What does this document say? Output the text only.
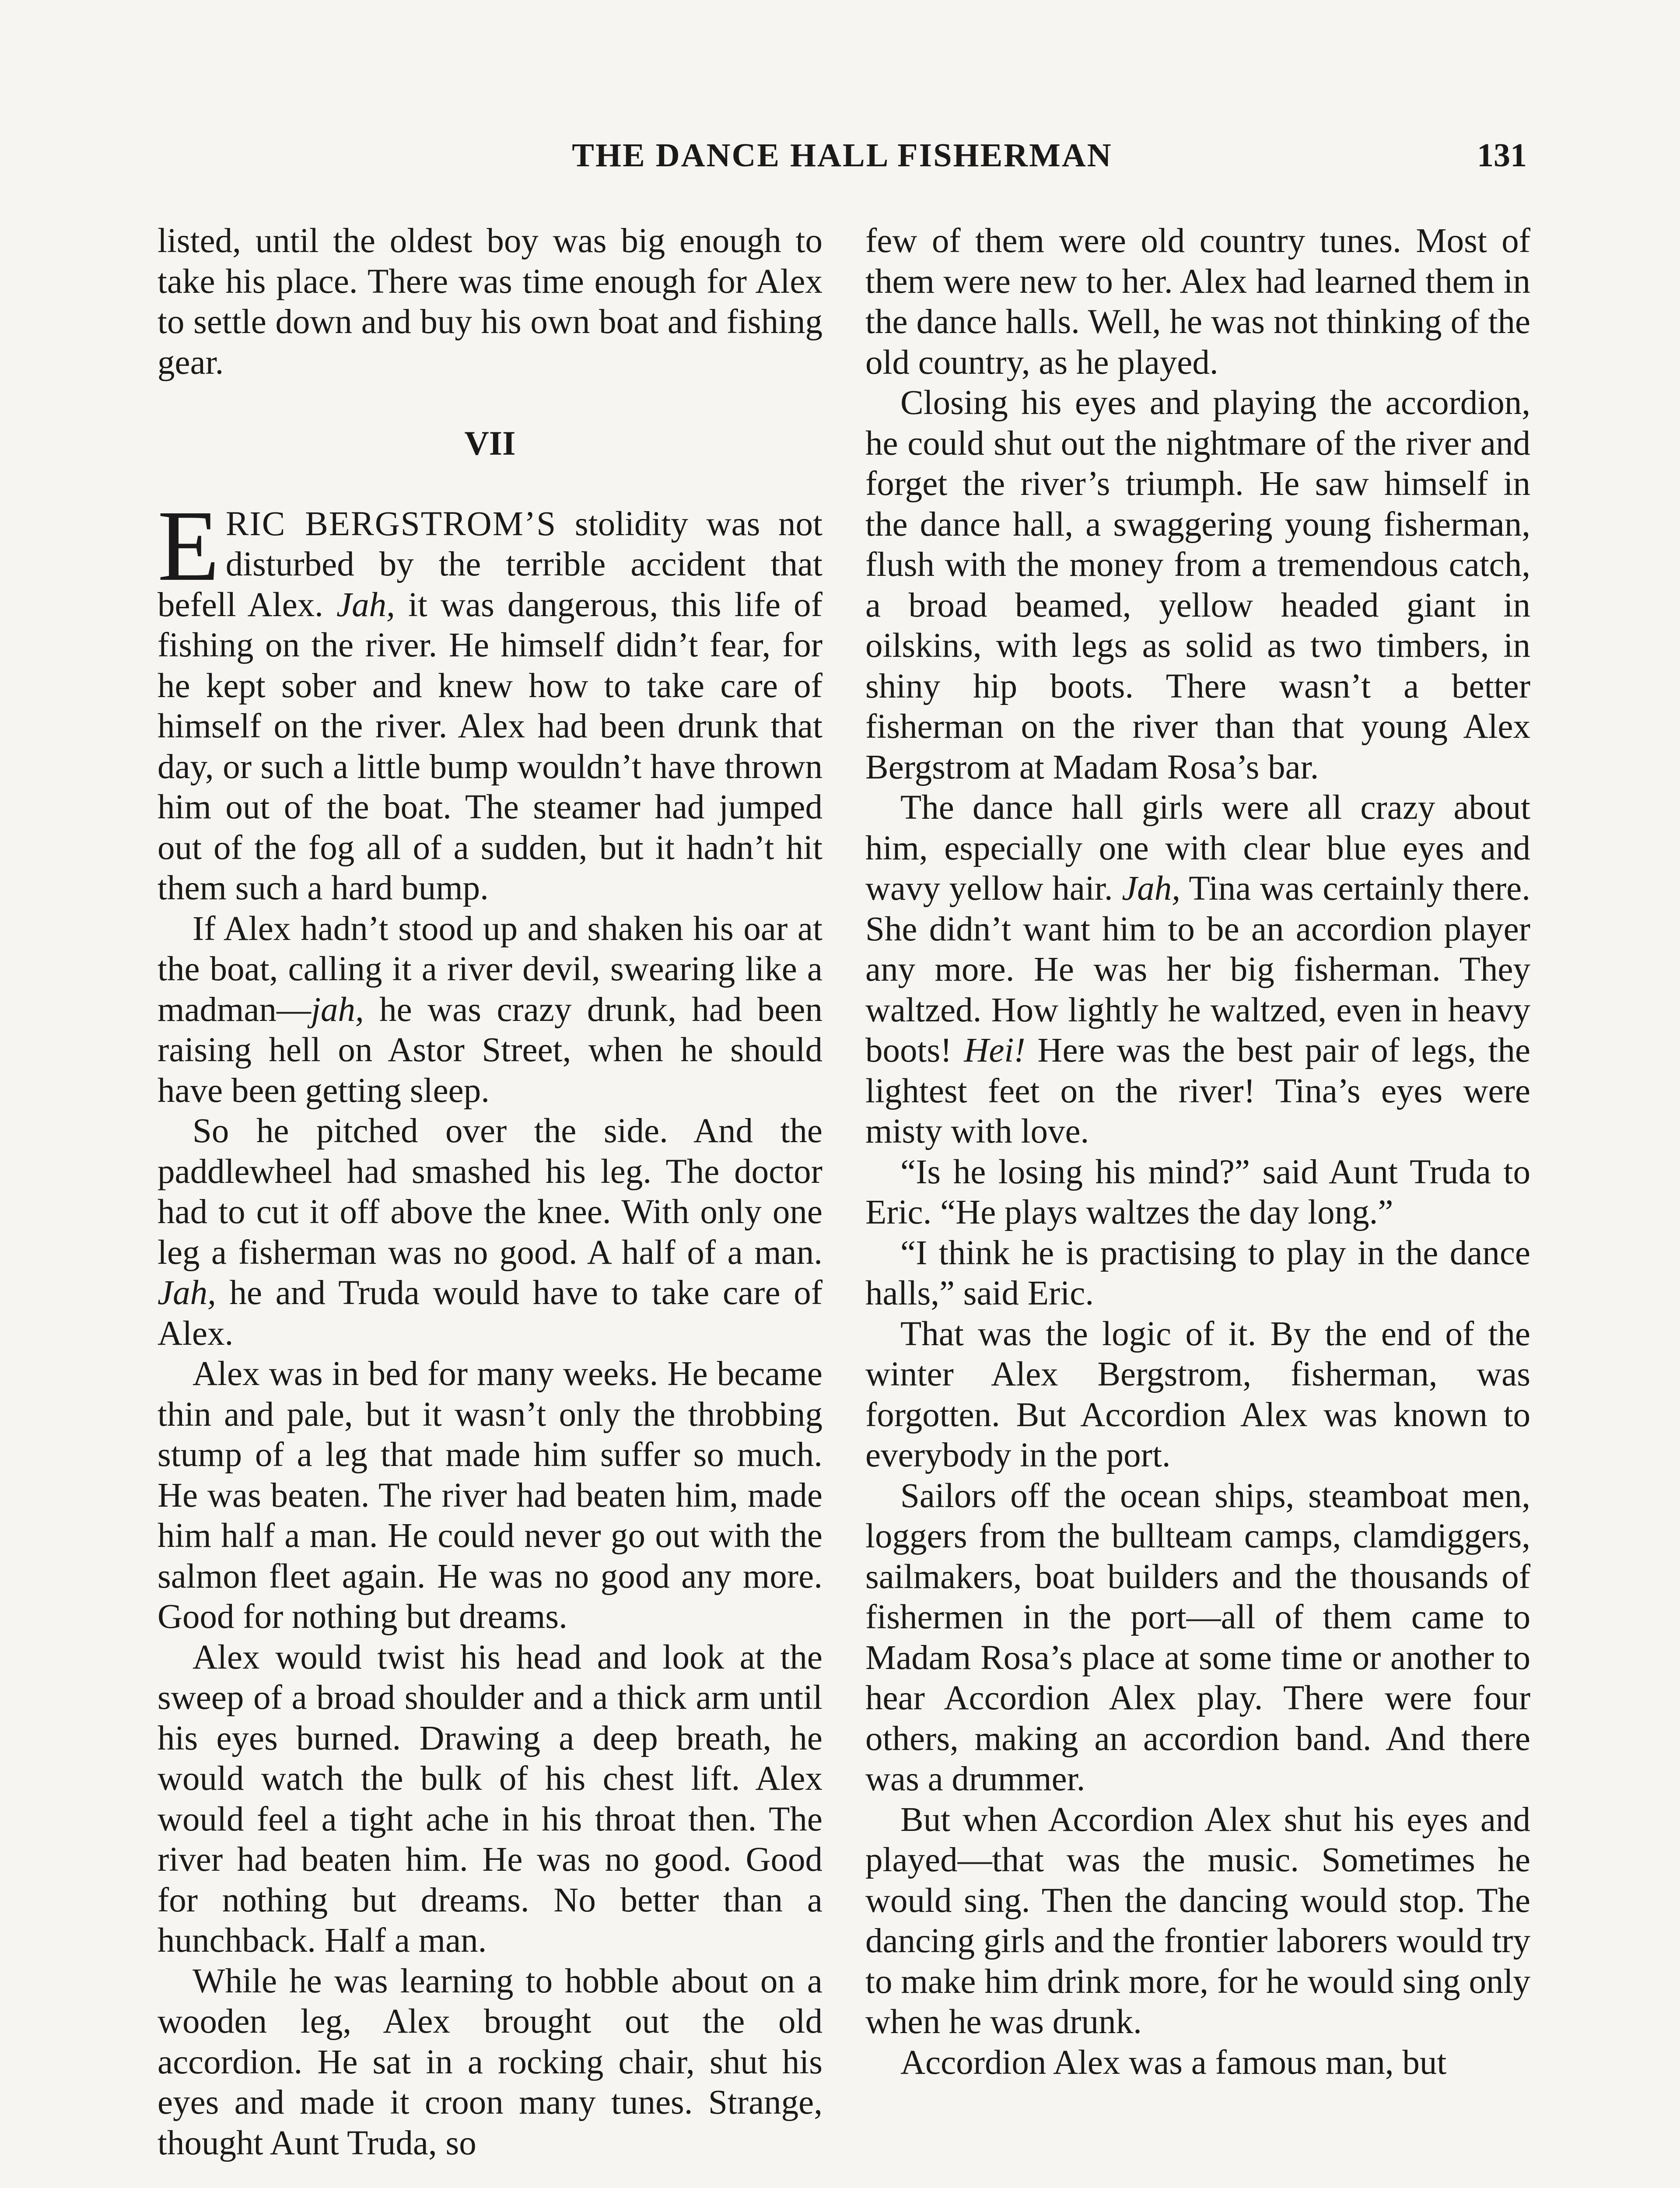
THE DANCE HALL FISHERMAN	131

listed, until the oldest boy was big enough to take his place. There was time enough for Alex to settle down and buy his own boat and fishing gear.

VII

ERIC BERGSTROM’S stolidity was not disturbed by the terrible accident that befell Alex. Jah, it was dangerous, this life of fishing on the river. He himself didn’t fear, for he kept sober and knew how to take care of himself on the river. Alex had been drunk that day, or such a little bump wouldn’t have thrown him out of the boat. The steamer had jumped out of the fog all of a sudden, but it hadn’t hit them such a hard bump.

If Alex hadn’t stood up and shaken his oar at the boat, calling it a river devil, swearing like a madman—jah, he was crazy drunk, had been raising hell on Astor Street, when he should have been getting sleep.

So he pitched over the side. And the paddlewheel had smashed his leg. The doctor had to cut it off above the knee. With only one leg a fisherman was no good. A half of a man. Jah, he and Truda would have to take care of Alex.

Alex was in bed for many weeks. He became thin and pale, but it wasn’t only the throbbing stump of a leg that made him suffer so much. He was beaten. The river had beaten him, made him half a man. He could never go out with the salmon fleet again. He was no good any more. Good for nothing but dreams.

Alex would twist his head and look at the sweep of a broad shoulder and a thick arm until his eyes burned. Drawing a deep breath, he would watch the bulk of his chest lift. Alex would feel a tight ache in his throat then. The river had beaten him. He was no good. Good for nothing but dreams. No better than a hunchback. Half a man.

While he was learning to hobble about on a wooden leg, Alex brought out the old accordion. He sat in a rocking chair, shut his eyes and made it croon many tunes. Strange, thought Aunt Truda, so

few of them were old country tunes. Most of them were new to her. Alex had learned them in the dance halls. Well, he was not thinking of the old country, as he played.

Closing his eyes and playing the accordion, he could shut out the nightmare of the river and forget the river’s triumph. He saw himself in the dance hall, a swaggering young fisherman, flush with the money from a tremendous catch, a broad beamed, yellow headed giant in oilskins, with legs as solid as two timbers, in shiny hip boots. There wasn’t a better fisherman on the river than that young Alex Bergstrom at Madam Rosa’s bar.

The dance hall girls were all crazy about him, especially one with clear blue eyes and wavy yellow hair. Jah, Tina was certainly there. She didn’t want him to be an accordion player any more. He was her big fisherman. They waltzed. How lightly he waltzed, even in heavy boots! Hei! Here was the best pair of legs, the lightest feet on the river! Tina’s eyes were misty with love.

“Is he losing his mind?” said Aunt Truda to Eric. “He plays waltzes the day long.”

“I think he is practising to play in the dance halls,” said Eric.

That was the logic of it. By the end of the winter Alex Bergstrom, fisherman, was forgotten. But Accordion Alex was known to everybody in the port.

Sailors off the ocean ships, steamboat men, loggers from the bullteam camps, clamdiggers, sailmakers, boat builders and the thousands of fishermen in the port—all of them came to Madam Rosa’s place at some time or another to hear Accordion Alex play. There were four others, making an accordion band. And there was a drummer.

But when Accordion Alex shut his eyes and played—that was the music. Sometimes he would sing. Then the dancing would stop. The dancing girls and the frontier laborers would try to make him drink more, for he would sing only when he was drunk.

Accordion Alex was a famous man, but
